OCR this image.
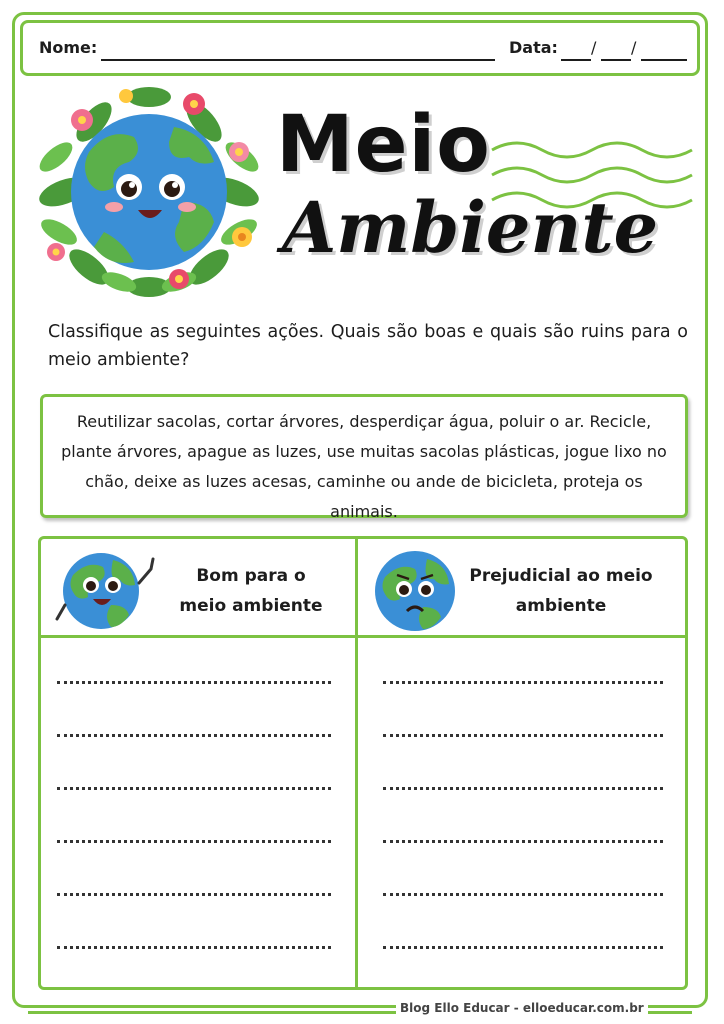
Nome:	Data: / /
Meio
Ambiente
Classifique as seguintes ações. Quais são boas e quais são ruins para o meio ambiente?
Reutilizar sacolas, cortar árvores, desperdiçar água, poluir o ar. Recicle,
plante árvores, apague as luzes, use muitas sacolas plásticas, jogue lixo no
chão, deixe as luzes acesas, caminhe ou ande de bicicleta, proteja os animais.
Bom para o
meio ambiente
Prejudicial ao meio
ambiente
Blog Ello Educar - elloeducar.com.br
